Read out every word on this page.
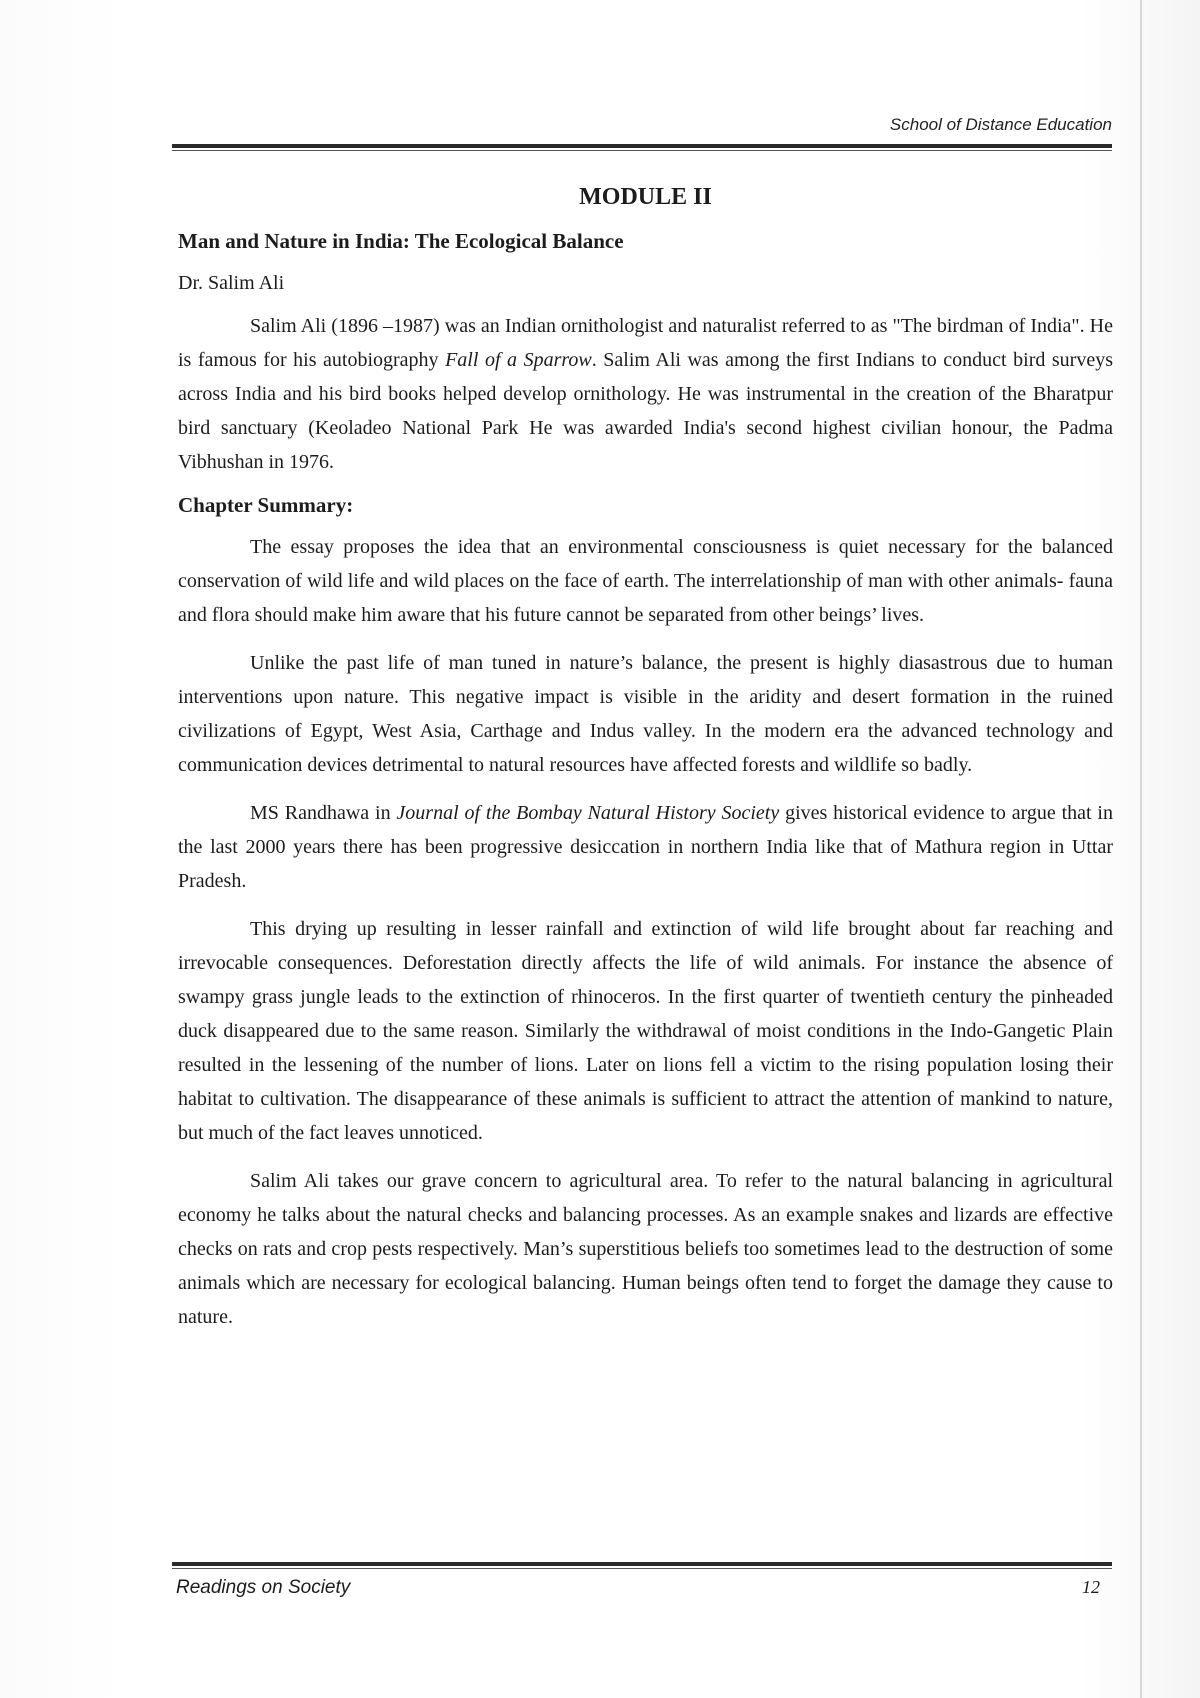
School of Distance Education
MODULE II
Man and Nature in India: The Ecological Balance
Dr. Salim Ali

Salim Ali (1896 –1987) was an Indian ornithologist and naturalist referred to as "The birdman of India". He is famous for his autobiography Fall of a Sparrow. Salim Ali was among the first Indians to conduct bird surveys across India and his bird books helped develop ornithology. He was instrumental in the creation of the Bharatpur bird sanctuary (Keoladeo National Park He was awarded India's second highest civilian honour, the Padma Vibhushan in 1976.

Chapter Summary:

The essay proposes the idea that an environmental consciousness is quiet necessary for the balanced conservation of wild life and wild places on the face of earth. The interrelationship of man with other animals- fauna and flora should make him aware that his future cannot be separated from other beings’ lives.

Unlike the past life of man tuned in nature’s balance, the present is highly diasastrous due to human interventions upon nature. This negative impact is visible in the aridity and desert formation in the ruined civilizations of Egypt, West Asia, Carthage and Indus valley. In the modern era the advanced technology and communication devices detrimental to natural resources have affected forests and wildlife so badly.

MS Randhawa in Journal of the Bombay Natural History Society gives historical evidence to argue that in the last 2000 years there has been progressive desiccation in northern India like that of Mathura region in Uttar Pradesh.

This drying up resulting in lesser rainfall and extinction of wild life brought about far reaching and irrevocable consequences. Deforestation directly affects the life of wild animals. For instance the absence of swampy grass jungle leads to the extinction of rhinoceros. In the first quarter of twentieth century the pinheaded duck disappeared due to the same reason. Similarly the withdrawal of moist conditions in the Indo-Gangetic Plain resulted in the lessening of the number of lions. Later on lions fell a victim to the rising population losing their habitat to cultivation. The disappearance of these animals is sufficient to attract the attention of mankind to nature, but much of the fact leaves unnoticed.

Salim Ali takes our grave concern to agricultural area. To refer to the natural balancing in agricultural economy he talks about the natural checks and balancing processes. As an example snakes and lizards are effective checks on rats and crop pests respectively. Man’s superstitious beliefs too sometimes lead to the destruction of some animals which are necessary for ecological balancing. Human beings often tend to forget the damage they cause to nature.

Readings on Society	12
